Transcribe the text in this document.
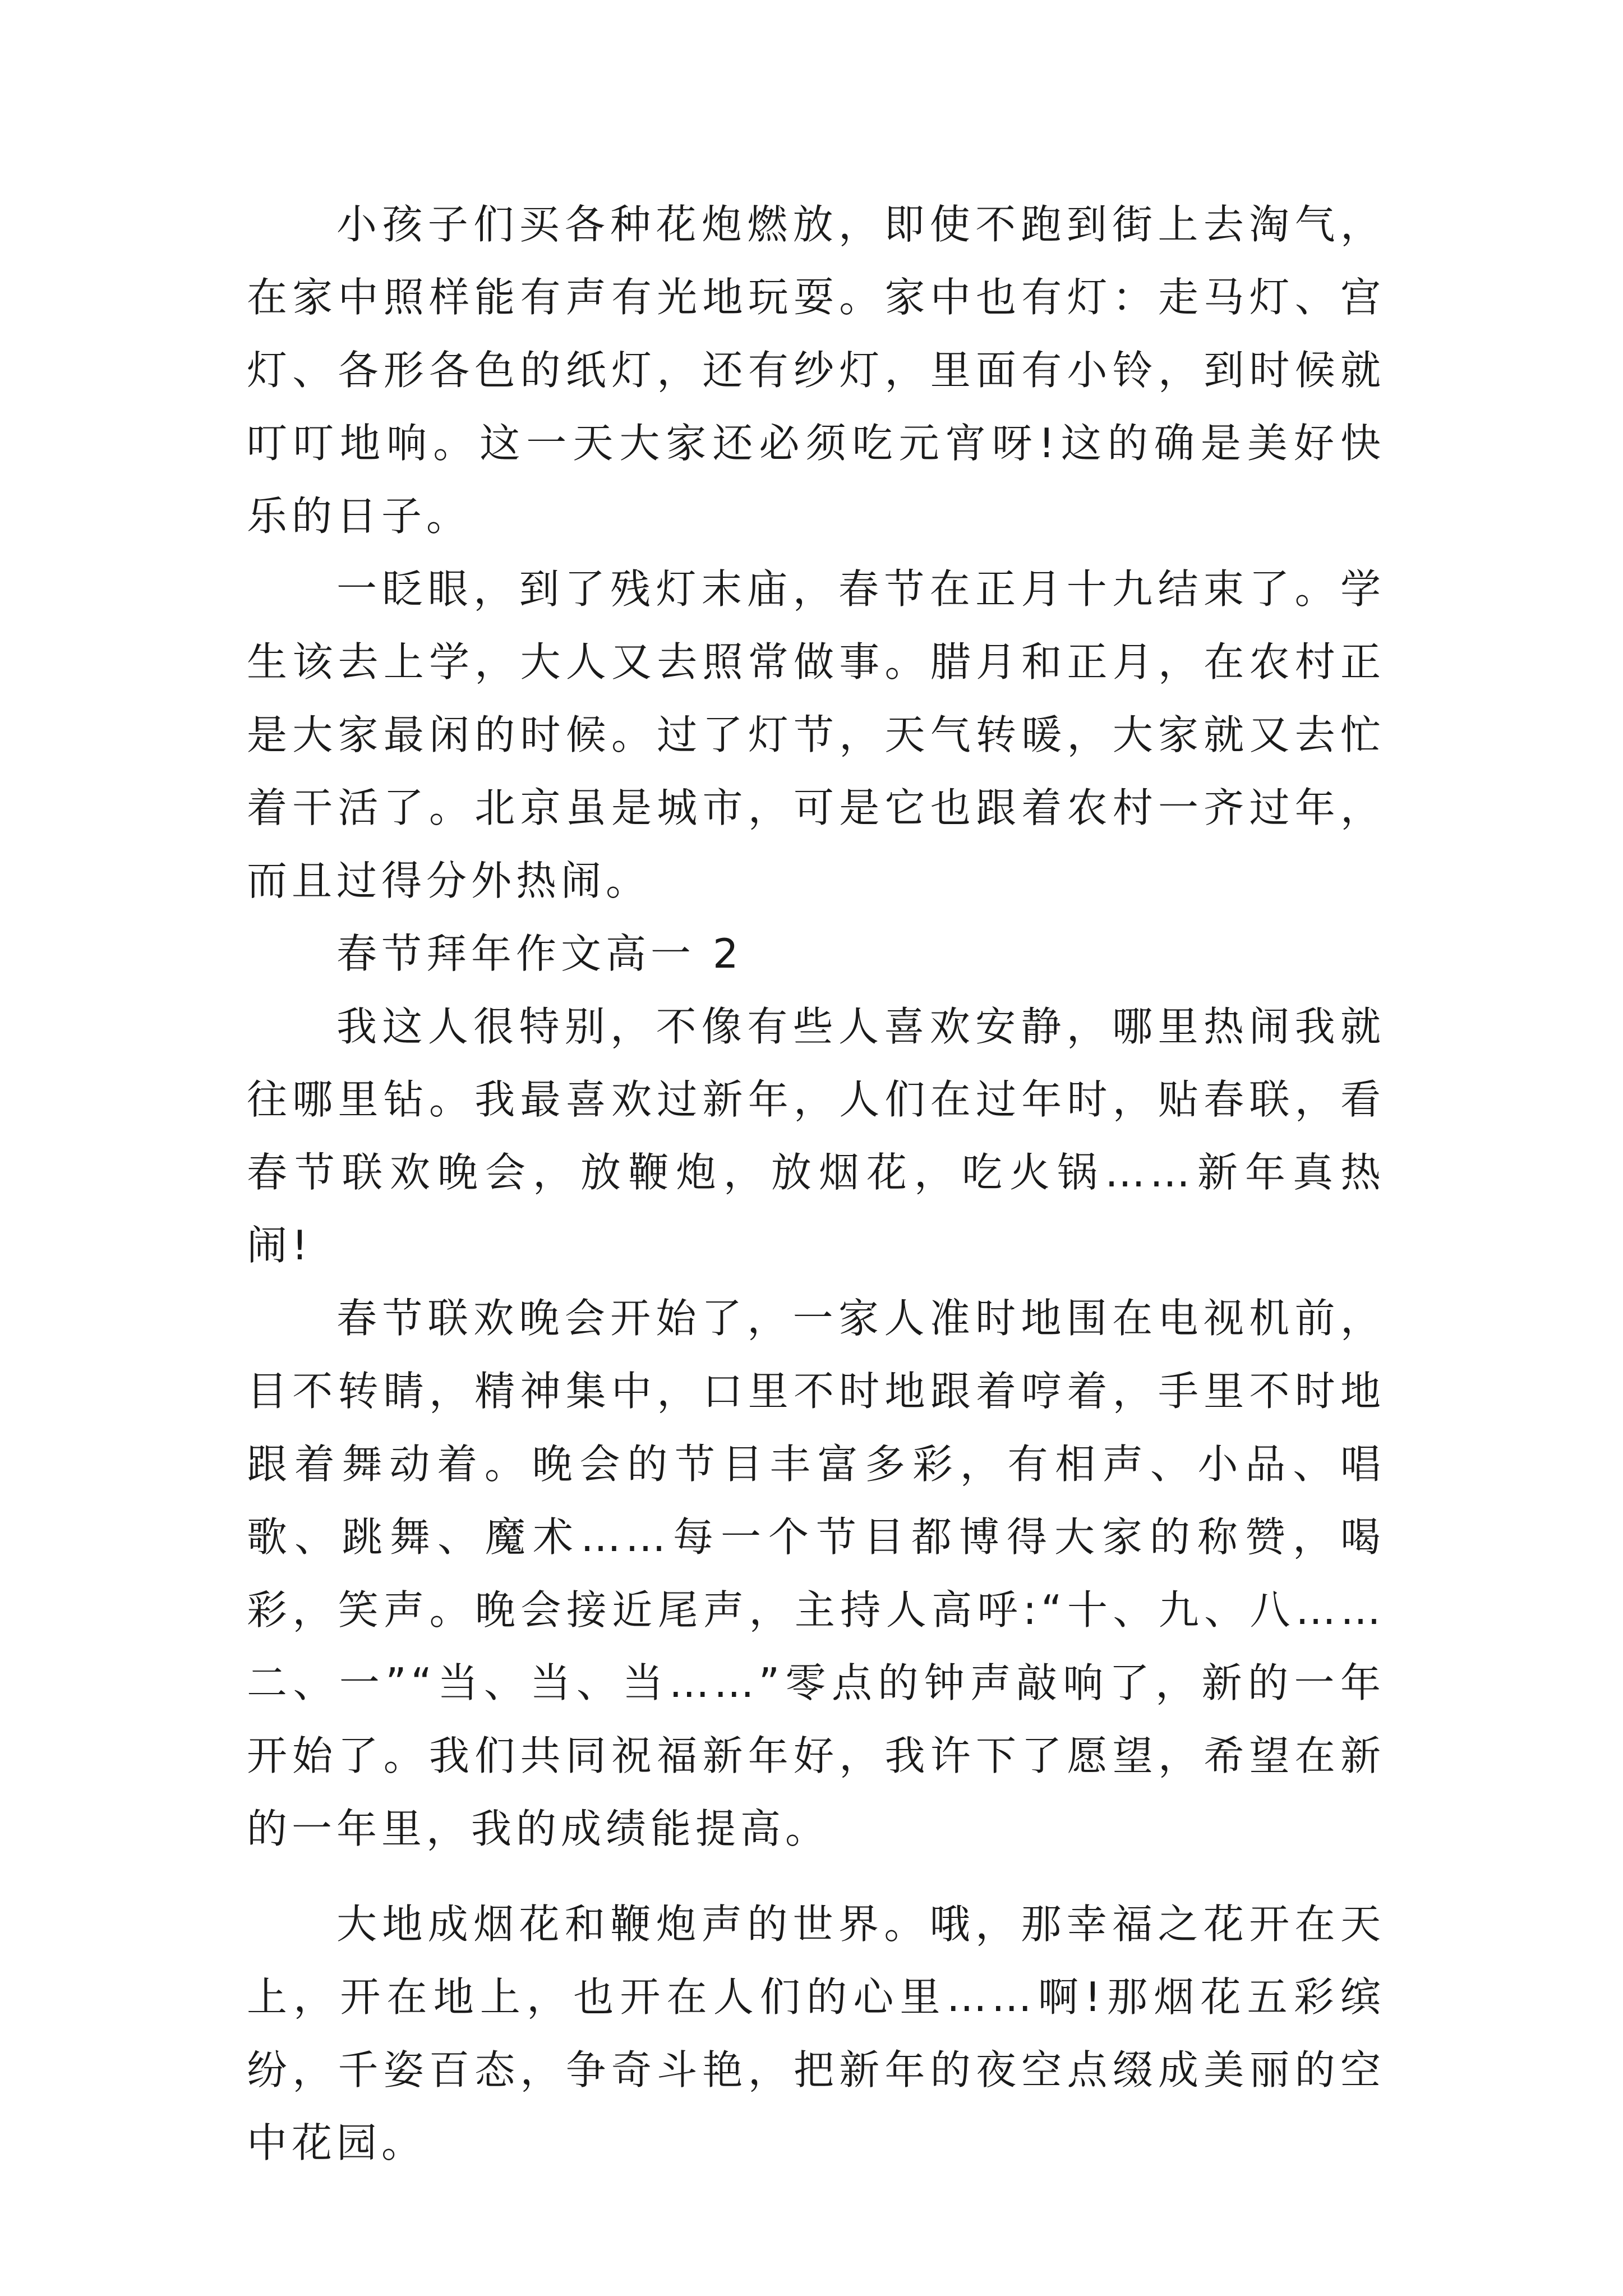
小孩子们买各种花炮燃放，即使不跑到街上去淘气，在家中照样能有声有光地玩耍。家中也有灯：走马灯、宫灯、各形各色的纸灯，还有纱灯，里面有小铃，到时候就叮叮地响。这一天大家还必须吃元宵呀!这的确是美好快乐的日子。

一眨眼，到了残灯末庙，春节在正月十九结束了。学生该去上学，大人又去照常做事。腊月和正月，在农村正是大家最闲的时候。过了灯节，天气转暖，大家就又去忙着干活了。北京虽是城市，可是它也跟着农村一齐过年，而且过得分外热闹。

春节拜年作文高一 2

我这人很特别，不像有些人喜欢安静，哪里热闹我就往哪里钻。我最喜欢过新年，人们在过年时，贴春联，看春节联欢晚会，放鞭炮，放烟花，吃火锅……新年真热闹!

春节联欢晚会开始了，一家人准时地围在电视机前，目不转睛，精神集中，口里不时地跟着哼着，手里不时地跟着舞动着。晚会的节目丰富多彩，有相声、小品、唱歌、跳舞、魔术……每一个节目都博得大家的称赞，喝彩，笑声。晚会接近尾声，主持人高呼:“十、九、八……二、一”“当、当、当……”零点的钟声敲响了，新的一年开始了。我们共同祝福新年好，我许下了愿望，希望在新的一年里，我的成绩能提高。

大地成烟花和鞭炮声的世界。哦，那幸福之花开在天上，开在地上，也开在人们的心里……啊!那烟花五彩缤纷，千姿百态，争奇斗艳，把新年的夜空点缀成美丽的空中花园。
